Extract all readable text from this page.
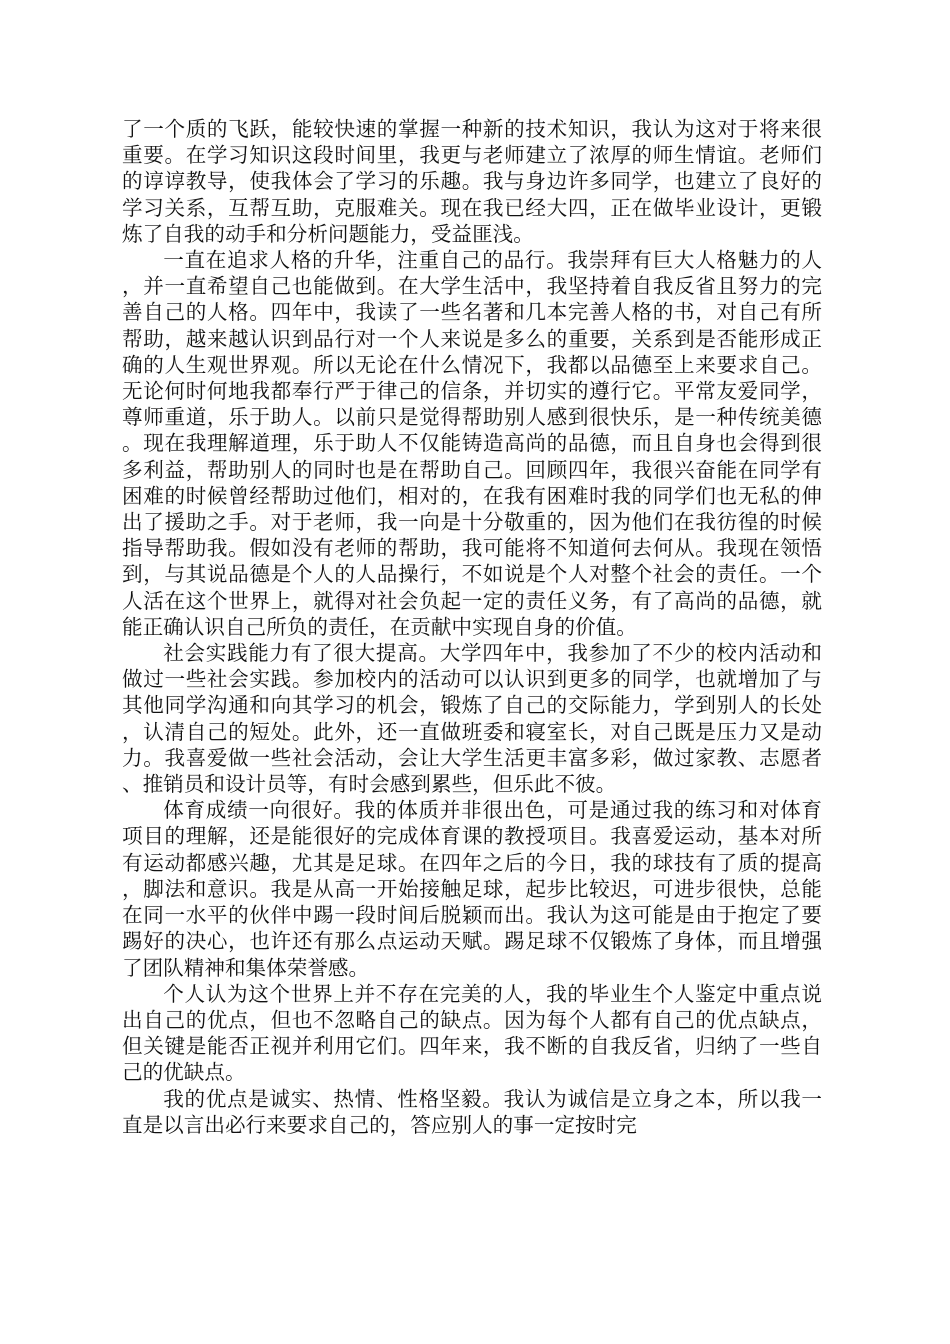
了一个质的飞跃，能较快速的掌握一种新的技术知识，我认为这对于将来很重要。在学习知识这段时间里，我更与老师建立了浓厚的师生情谊。老师们的谆谆教导，使我体会了学习的乐趣。我与身边许多同学，也建立了良好的学习关系，互帮互助，克服难关。现在我已经大四，正在做毕业设计，更锻炼了自我的动手和分析问题能力，受益匪浅。

一直在追求人格的升华，注重自己的品行。我崇拜有巨大人格魅力的人，并一直希望自己也能做到。在大学生活中，我坚持着自我反省且努力的完善自己的人格。四年中，我读了一些名著和几本完善人格的书，对自己有所帮助，越来越认识到品行对一个人来说是多么的重要，关系到是否能形成正确的人生观世界观。所以无论在什么情况下，我都以品德至上来要求自己。无论何时何地我都奉行严于律己的信条，并切实的遵行它。平常友爱同学，尊师重道，乐于助人。以前只是觉得帮助别人感到很快乐，是一种传统美德。现在我理解道理，乐于助人不仅能铸造高尚的品德，而且自身也会得到很多利益，帮助别人的同时也是在帮助自己。回顾四年，我很兴奋能在同学有困难的时候曾经帮助过他们，相对的，在我有困难时我的同学们也无私的伸出了援助之手。对于老师，我一向是十分敬重的，因为他们在我彷徨的时候指导帮助我。假如没有老师的帮助，我可能将不知道何去何从。我现在领悟到，与其说品德是个人的人品操行，不如说是个人对整个社会的责任。一个人活在这个世界上，就得对社会负起一定的责任义务，有了高尚的品德，就能正确认识自己所负的责任，在贡献中实现自身的价值。

社会实践能力有了很大提高。大学四年中，我参加了不少的校内活动和做过一些社会实践。参加校内的活动可以认识到更多的同学，也就增加了与其他同学沟通和向其学习的机会，锻炼了自己的交际能力，学到别人的长处，认清自己的短处。此外，还一直做班委和寝室长，对自己既是压力又是动力。我喜爱做一些社会活动，会让大学生活更丰富多彩，做过家教、志愿者、推销员和设计员等，有时会感到累些，但乐此不彼。

体育成绩一向很好。我的体质并非很出色，可是通过我的练习和对体育项目的理解，还是能很好的完成体育课的教授项目。我喜爱运动，基本对所有运动都感兴趣，尤其是足球。在四年之后的今日，我的球技有了质的提高，脚法和意识。我是从高一开始接触足球，起步比较迟，可进步很快，总能在同一水平的伙伴中踢一段时间后脱颖而出。我认为这可能是由于抱定了要踢好的决心，也许还有那么点运动天赋。踢足球不仅锻炼了身体，而且增强了团队精神和集体荣誉感。

个人认为这个世界上并不存在完美的人，我的毕业生个人鉴定中重点说出自己的优点，但也不忽略自己的缺点。因为每个人都有自己的优点缺点，但关键是能否正视并利用它们。四年来，我不断的自我反省，归纳了一些自己的优缺点。

我的优点是诚实、热情、性格坚毅。我认为诚信是立身之本，所以我一直是以言出必行来要求自己的，答应别人的事一定按时完
